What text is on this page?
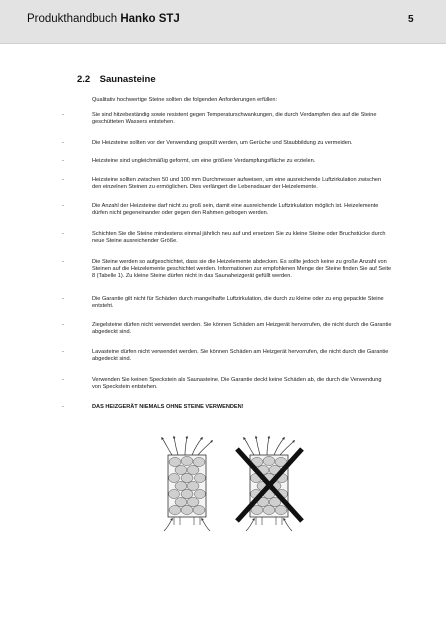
Produkthandbuch Hanko STJ	5
2.2 Saunasteine
Qualitativ hochwertige Steine sollten die folgenden Anforderungen erfüllen:
-	Sie sind hitzebeständig sowie resistent gegen Temperaturschwankungen, die durch Verdampfen des auf die Steine geschütteten Wassers entstehen.
-	Die Heizsteine sollten vor der Verwendung gespült werden, um Gerüche und Staubbildung zu vermeiden.
-	Heizsteine sind ungleichmäßig geformt, um eine größere Verdampfungsfläche zu erzielen.
-	Heizsteine sollten zwischen 50 und 100 mm Durchmesser aufweisen, um eine ausreichende Luftzirkulation zwischen den einzelnen Steinen zu ermöglichen. Dies verlängert die Lebensdauer der Heizelemente.
-	Die Anzahl der Heizsteine darf nicht zu groß sein, damit eine ausreichende Luftzirkulation möglich ist. Heizelemente dürfen nicht gegeneinander oder gegen den Rahmen gebogen werden.
-	Schichten Sie die Steine mindestens einmal jährlich neu auf und ersetzen Sie zu kleine Steine oder Bruchstücke durch neue Steine ausreichender Größe.
-	Die Steine werden so aufgeschichtet, dass sie die Heizelemente abdecken. Es sollte jedoch keine zu große Anzahl von Steinen auf die Heizelemente geschichtet werden. Informationen zur empfohlenen Menge der Steine finden Sie auf Seite 8 (Tabelle 1). Zu kleine Steine dürfen nicht in das Saunaheizgerät gefüllt werden.
-	Die Garantie gilt nicht für Schäden durch mangelhafte Luftzirkulation, die durch zu kleine oder zu eng gepackte Steine entsteht.
-	Ziegelsteine dürfen nicht verwendet werden. Sie können Schäden am Heizgerät hervorrufen, die nicht durch die Garantie abgedeckt sind.
-	Lavasteine dürfen nicht verwendet werden. Sie können Schäden am Heizgerät hervorrufen, die nicht durch die Garantie abgedeckt sind.
-	Verwenden Sie keinen Speckstein als Saunasteine. Die Garantie deckt keine Schäden ab, die durch die Verwendung von Speckstein entstehen.
-	DAS HEIZGERÄT NIEMALS OHNE STEINE VERWENDEN!
